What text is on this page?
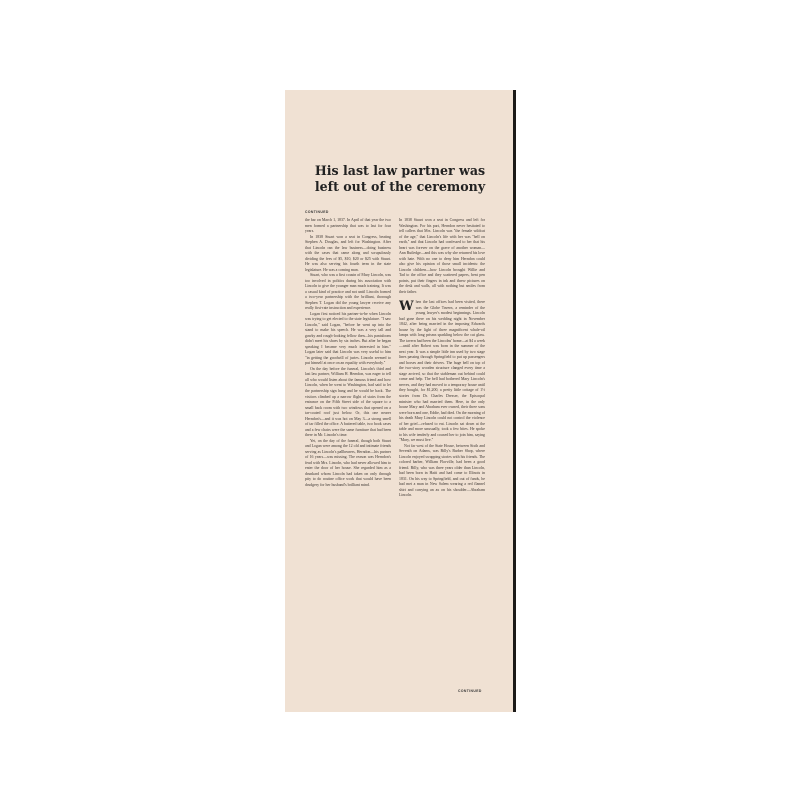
His last law partner was
left out of the ceremony
CONTINUED

the bar on March 1, 1837. In April of that year the two men formed a partnership that was to last for four years.

In 1838 Stuart won a seat in Congress, beating Stephen A. Douglas, and left for Washington. After that Lincoln ran the law business—doing business with the cases that came along and scrupulously dividing the fees of $5, $10, $20 or $25 with Stuart. He was also serving his fourth term in the state legislature. He was a coming man.

Stuart, who was a first cousin of Mary Lincoln, was too involved in politics during his association with Lincoln to give the younger man much training. It was a casual kind of practice and not until Lincoln formed a two-year partnership with the brilliant, thorough Stephen T. Logan did the young lawyer receive any really first-rate instruction and experience.

Logan first noticed his partner-to-be when Lincoln was trying to get elected to the state legislature. "I saw Lincoln," said Logan, "before he went up into the stand to make his speech. He was a very tall and gawky and rough-looking fellow then—his pantaloons didn't meet his shoes by six inches. But after he began speaking I became very much interested in him." Logan later said that Lincoln was very useful to him "in getting the goodwill of juries. Lincoln seemed to put himself at once on an equality with everybody."

On the day before the funeral, Lincoln's third and last law partner, William H. Herndon, was eager to tell all who would listen about the famous friend and how Lincoln, when he went to Washington, had said to let the partnership sign hang and he would be back. The visitors climbed up a narrow flight of stairs from the entrance on the Fifth Street side of the square to a small back room with two windows that opened on a tar-coated roof just below. Or, this one nearer Herndon's—and it was hot on May 3—a strong smell of tar filled the office. A battered table, two book cases and a few chairs were the same furniture that had been there in Mr. Lincoln's time.

Yet, on the day of the funeral, though both Stuart and Logan were among the 12 old and intimate friends serving as Lincoln's pallbearers, Herndon—his partner of 16 years—was missing. The reason was Herndon's feud with Mrs. Lincoln, who had never allowed him to enter the door of her house. She regarded him as a drunkard whom Lincoln had taken on only through pity to do routine office work that would have been drudgery for her husband's brilliant mind.

In 1838 Stuart won a seat in Congress and left for Washington. For his part, Herndon never hesitated to tell callers that Mrs. Lincoln was "the female wildcat of the age," that Lincoln's life with her was "hell on earth," and that Lincoln had confessed to her that his heart was forever on the grave of another woman—Ann Rutledge—and this was why she returned his love with hate. With no one to deny him Herndon could also give his opinion of those small incidents: the Lincoln children—how Lincoln brought Willie and Tad to the office and they scattered papers, bent pen points, put their fingers in ink and threw pictures on the desk and walls, all with nothing but smiles from their father.

When the last offices had been visited, there was the Globe Tavern, a reminder of the young lawyer's modest beginnings. Lincoln had gone there on his wedding night in November 1842, after being married in the imposing Edwards house by the light of three magnificent whale-oil lamps with long prisms sparkling below the cut glass. The tavern had been the Lincolns' home—at $4 a week—until after Robert was born in the summer of the next year. It was a simple little inn used by two stage lines passing through Springfield to put up passengers and horses and their drivers. The huge bell on top of the two-story wooden structure clanged every time a stage arrived, so that the stableman out behind could come and help. The bell had bothered Mary Lincoln's nerves, and they had moved to a temporary house until they bought, for $1,200, a pretty little cottage of 1½ stories from Dr. Charles Dresser, the Episcopal minister who had married them. Here, in the only house Mary and Abraham ever owned, their three sons were born and one, Eddie, had died. On the morning of his death Mary Lincoln could not control the violence of her grief—refused to eat. Lincoln sat down at the table and more unusually, took a few bites. He spoke to his wife tenderly and coaxed her to join him, saying "Mary, we must live."

Not far west of the State House, between Sixth and Seventh on Adams, was Billy's Barber Shop, where Lincoln enjoyed swapping stories with his friends. The colored barber, William Florville, had been a good friend. Billy, who was three years older than Lincoln, had been born in Haiti and had come to Illinois in 1831. On his way to Springfield, and out of funds, he had met a man in New Salem wearing a red flannel shirt and carrying an ax on his shoulder—Abraham Lincoln.

CONTINUED
